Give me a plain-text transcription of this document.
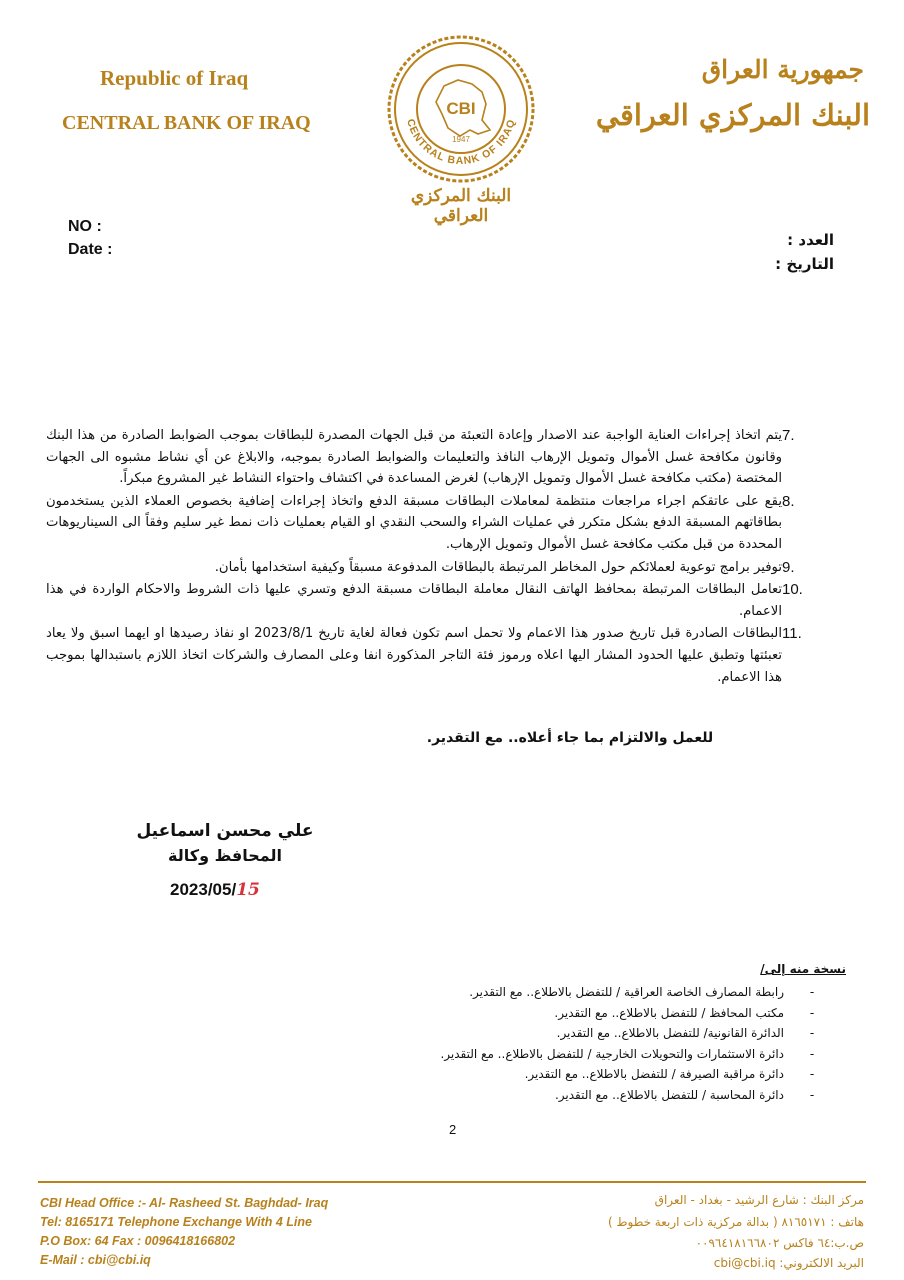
Republic of Iraq
CENTRAL BANK OF IRAQ
جمهورية العراق
البنك المركزي العراقي
CENTRAL BANK OF IRAQ
CBI
1947
البنك المركزي العراقي
NO :
Date :
العدد :
التاريخ :
7.
يتم اتخاذ إجراءات العناية الواجبة عند الاصدار وإعادة التعبئة من قبل الجهات المصدرة للبطاقات بموجب الضوابط الصادرة من هذا البنك وقانون مكافحة غسل الأموال وتمويل الإرهاب النافذ والتعليمات والضوابط الصادرة بموجبه، والابلاغ عن أي نشاط مشبوه الى الجهات المختصة (مكتب مكافحة غسل الأموال وتمويل الإرهاب) لغرض المساعدة في اكتشاف واحتواء النشاط غير المشروع مبكراً.
8.
يقع على عاتقكم اجراء مراجعات منتظمة لمعاملات البطاقات مسبقة الدفع واتخاذ إجراءات إضافية بخصوص العملاء الذين يستخدمون بطاقاتهم المسبقة الدفع بشكل متكرر في عمليات الشراء والسحب النقدي او القيام بعمليات ذات نمط غير سليم وفقاً الى السيناريوهات المحددة من قبل مكتب مكافحة غسل الأموال وتمويل الإرهاب.
9.
توفير برامج توعوية لعملائكم حول المخاطر المرتبطة بالبطاقات المدفوعة مسبقاً وكيفية استخدامها بأمان.
10.
تعامل البطاقات المرتبطة بمحافظ الهاتف النقال معاملة البطاقات مسبقة الدفع وتسري عليها ذات الشروط والاحكام الواردة في هذا الاعمام.
11.
البطاقات الصادرة قبل تاريخ صدور هذا الاعمام ولا تحمل اسم تكون فعالة لغاية تاريخ 2023/8/1 او نفاذ رصيدها او ايهما اسبق ولا يعاد تعبئتها وتطبق عليها الحدود المشار اليها اعلاه ورموز فئة التاجر المذكورة انفا وعلى المصارف والشركات اتخاذ اللازم باستبدالها بموجب هذا الاعمام.
للعمل والالتزام بما جاء أعلاه.. مع التقدير.
علي محسن اسماعيل
المحافظ وكالة
2023/05/15
نسخة منه إلى/
-
رابطة المصارف الخاصة العراقية / للتفضل بالاطلاع.. مع التقدير.
-
مكتب المحافظ / للتفضل بالاطلاع.. مع التقدير.
-
الدائرة القانونية/ للتفضل بالاطلاع.. مع التقدير.
-
دائرة الاستثمارات والتحويلات الخارجية / للتفضل بالاطلاع.. مع التقدير.
-
دائرة مراقبة الصيرفة / للتفضل بالاطلاع.. مع التقدير.
-
دائرة المحاسبة / للتفضل بالاطلاع.. مع التقدير.
2
CBI Head Office :- Al- Rasheed St. Baghdad- Iraq
Tel: 8165171 Telephone Exchange With 4 Line
P.O Box: 64 Fax : 0096418166802
E-Mail : cbi@cbi.iq
مركز البنك : شارع الرشيد - بغداد - العراق
هاتف : ٨١٦٥١٧١ ( بدالة مركزية ذات اربعة خطوط )
ص.ب:٦٤ فاكس ٠٠٩٦٤١٨١٦٦٨٠٢
البريد الالكتروني: cbi@cbi.iq
